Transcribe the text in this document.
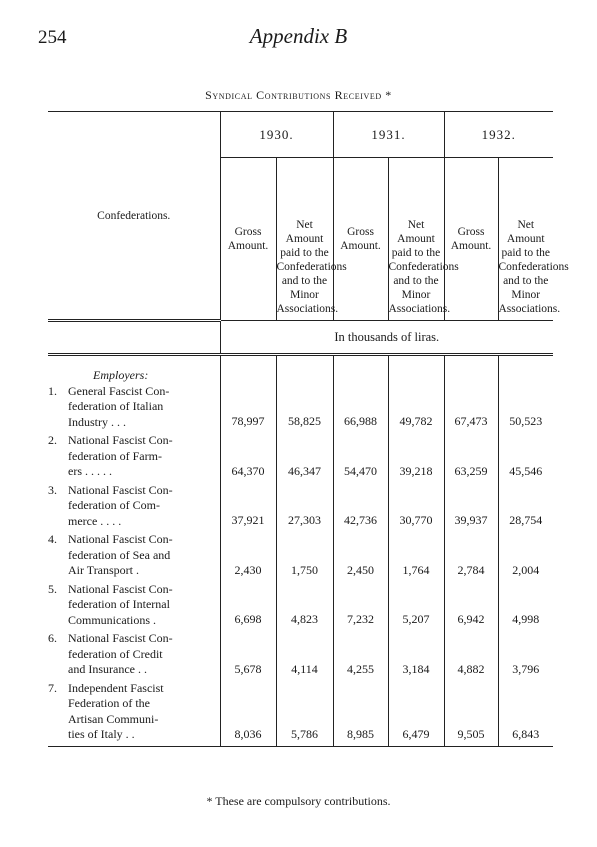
254	Appendix B
Syndical Contributions Received *
Confederations.	1930.		1931.		1932.	
	Gross Amount.	Net Amount paid to the Confederations and to the Minor Associations.	Gross Amount.	Net Amount paid to the Confederations and to the Minor Associations.	Gross Amount.	Net Amount paid to the Confederations and to the Minor Associations.
	In thousands of liras.					

Employers:
1. General Fascist Con-
federation of Italian
Industry . . .	78,997	58,825	66,988	49,782	67,473	50,523

2. National Fascist Con-
federation of Farm-
ers . . . . .	64,370	46,347	54,470	39,218	63,259	45,546

3. National Fascist Con-
federation of Com-
merce . . . .	37,921	27,303	42,736	30,770	39,937	28,754

4. National Fascist Con-
federation of Sea and
Air Transport .	2,430	1,750	2,450	1,764	2,784	2,004

5. National Fascist Con-
federation of Internal
Communications .	6,698	4,823	7,232	5,207	6,942	4,998

6. National Fascist Con-
federation of Credit
and Insurance . .	5,678	4,114	4,255	3,184	4,882	3,796

7. Independent Fascist
Federation of the
Artisan Communi-
ties of Italy . .	8,036	5,786	8,985	6,479	9,505	6,843
* These are compulsory contributions.
